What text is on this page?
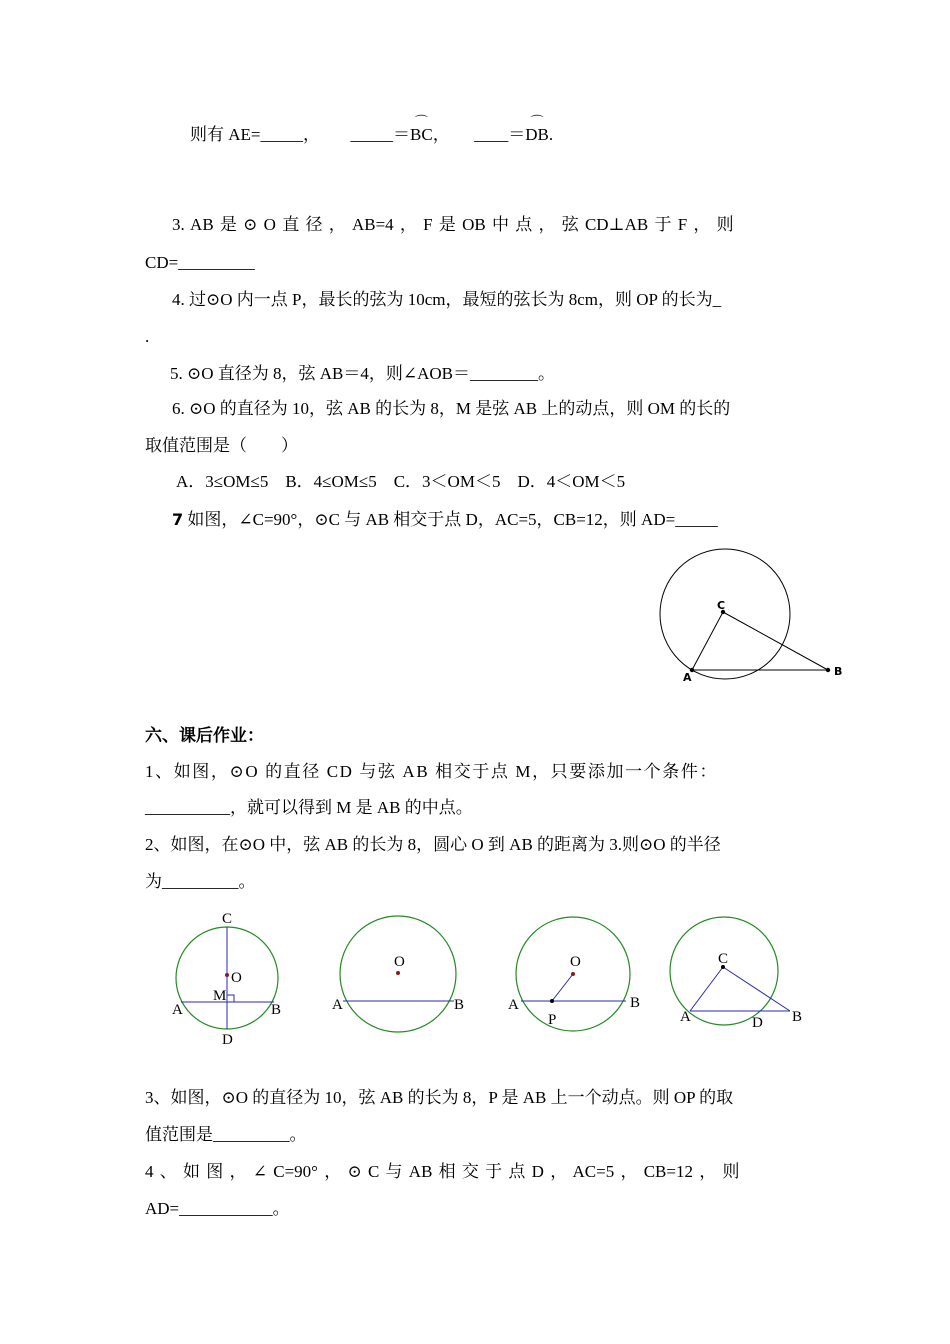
则有 AE=_____， _____＝
⌒
BC， ____＝
⌒
DB.
3. AB 是 ⊙ O 直 径 ， AB=4 ， F 是 OB 中 点 ， 弦 CD⊥AB 于 F ， 则
CD=_________
4. 过⊙O 内一点 P，最长的弦为 10cm，最短的弦长为 8cm，则 OP 的长为_
.
5. ⊙O 直径为 8，弦 AB＝4，则∠AOB＝________。
6. ⊙O 的直径为 10，弦 AB 的长为 8，M 是弦 AB 上的动点，则 OM 的长的
取值范围是（　　）
A．3≤OM≤5　B．4≤OM≤5　C．3＜OM＜5　D．4＜OM＜5
7 如图，∠C=90°，⊙C 与 AB 相交于点 D，AC=5，CB=12，则 AD=_____
C
A	B
六、课后作业：
1、如图，⊙O 的直径 CD 与弦 AB 相交于点 M，只要添加一个条件：
__________，就可以得到 M 是 AB 的中点。
2、如图，在⊙O 中，弦 AB 的长为 8，圆心 O 到 AB 的距离为 3.则⊙O 的半径
为_________。
C
O
M
A	B
D
O
A	B
O
A	B
P
C
A	D B
3、如图，⊙O 的直径为 10，弦 AB 的长为 8，P 是 AB 上一个动点。则 OP 的取
值范围是_________。
4 、 如 图 ， ∠ C=90° ， ⊙ C 与 AB 相 交 于 点 D ， AC=5 ， CB=12 ， 则
AD=___________。
